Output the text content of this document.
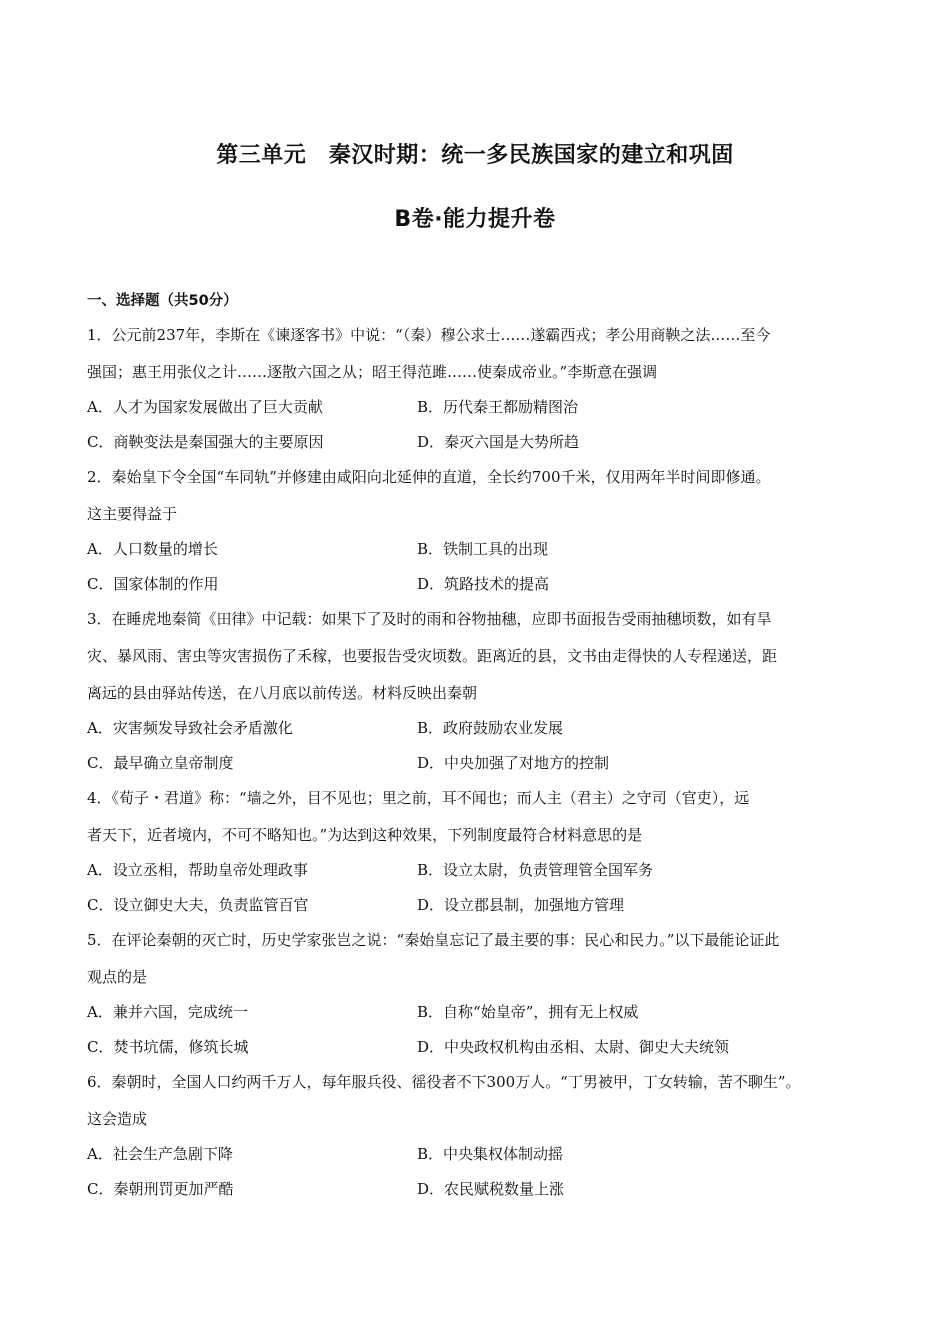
第三单元　秦汉时期：统一多民族国家的建立和巩固
B卷·能力提升卷
一、选择题（共50分）
1．公元前237年，李斯在《谏逐客书》中说：“（秦）穆公求士……遂霸西戎；孝公用商鞅之法……至今
强国；惠王用张仪之计……逐散六国之从；昭王得范雎……使秦成帝业。”李斯意在强调
A．人才为国家发展做出了巨大贡献	B．历代秦王都励精图治
C．商鞅变法是秦国强大的主要原因	D．秦灭六国是大势所趋
2．秦始皇下令全国“车同轨”并修建由咸阳向北延伸的直道，全长约700千米，仅用两年半时间即修通。
这主要得益于
A．人口数量的增长	B．铁制工具的出现
C．国家体制的作用	D．筑路技术的提高
3．在睡虎地秦简《田律》中记载：如果下了及时的雨和谷物抽穗，应即书面报告受雨抽穗顷数，如有旱
灾、暴风雨、害虫等灾害损伤了禾稼，也要报告受灾顷数。距离近的县，文书由走得快的人专程递送，距
离远的县由驿站传送，在八月底以前传送。材料反映出秦朝
A．灾害频发导致社会矛盾激化	B．政府鼓励农业发展
C．最早确立皇帝制度	D．中央加强了对地方的控制
4．《荀子・君道》称：“墙之外，目不见也；里之前，耳不闻也；而人主（君主）之守司（官吏），远
者天下，近者境内，不可不略知也。”为达到这种效果，下列制度最符合材料意思的是
A．设立丞相，帮助皇帝处理政事	B．设立太尉，负责管理管全国军务
C．设立御史大夫，负责监管百官	D．设立郡县制，加强地方管理
5．在评论秦朝的灭亡时，历史学家张岂之说：“秦始皇忘记了最主要的事：民心和民力。”以下最能论证此
观点的是
A．兼并六国，完成统一	B．自称“始皇帝”，拥有无上权威
C．焚书坑儒，修筑长城	D．中央政权机构由丞相、太尉、御史大夫统领
6．秦朝时，全国人口约两千万人，每年服兵役、徭役者不下300万人。“丁男被甲，丁女转输，苦不聊生”。
这会造成
A．社会生产急剧下降	B．中央集权体制动摇
C．秦朝刑罚更加严酷	D．农民赋税数量上涨
